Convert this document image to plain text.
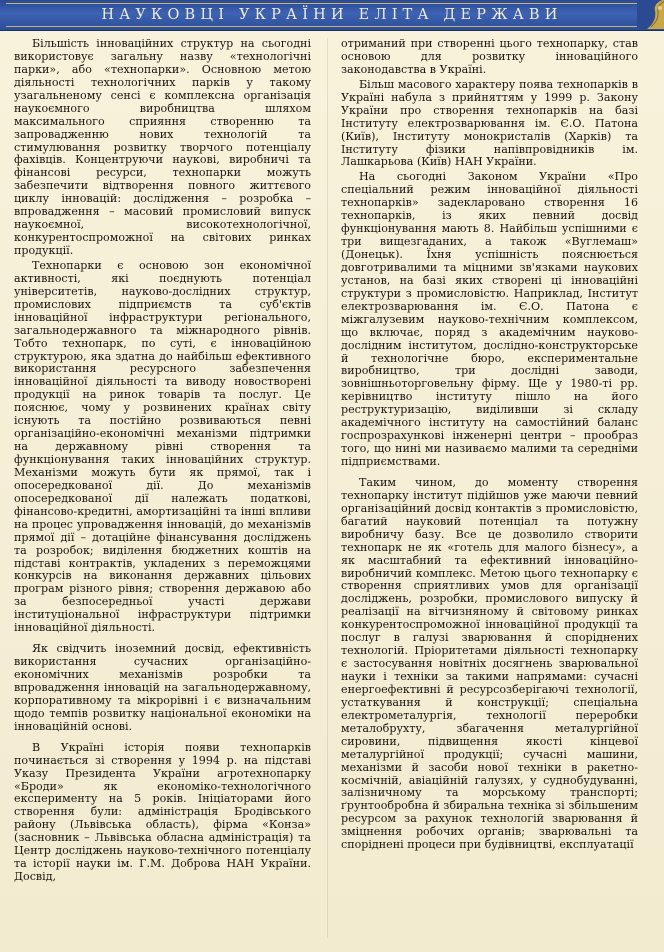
НАУКОВЦІ УКРАЇНИ ЕЛІТА ДЕРЖАВИ

Більшість інноваційних структур на сьогодні використовує загальну назву «технологічні парки», або «технопарки». Основною метою діяльності технологічних парків у такому узагальненому сенсі є комплексна організація наукоємного виробництва шляхом максимального сприяння створенню та запровадженню нових технологій та стимулювання розвитку творчого потенціалу фахівців. Концентруючи наукові, виробничі та фінансові ресурси, технопарки можуть забезпечити відтворення повного життєвого циклу інновацій: дослідження – розробка – впровадження – масовий промисловий випуск наукоємної, високотехнологічної, конкурентоспроможної на світових ринках продукції.

Технопарки є основою зон економічної активності, які поєднують потенціал університетів, науково-дослідних структур, промислових підприємств та суб'єктів інноваційної інфраструктури регіонального, загальнодержавного та міжнародного рівнів. Тобто технопарк, по суті, є інноваційною структурою, яка здатна до найбільш ефективного використання ресурсного забезпечення інноваційної діяльності та виводу новостворені продукції на ринок товарів та послуг. Це пояснює, чому у розвинених країнах світу існують та постійно розвиваються певні організаційно-економічні механізми підтримки на державному рівні створення та функціонування таких інноваційних структур. Механізми можуть бути як прямої, так і опосередкованої дії. До механізмів опосередкованої дії належать податкові, фінансово-кредитні, амортизаційні та інші впливи на процес упровадження інновацій, до механізмів прямої дії – дотаційне фінансування досліджень та розробок; виділення бюджетних коштів на підставі контрактів, укладених з переможцями конкурсів на виконання державних цільових програм різного рівня; створення державою або за безпосередньої участі держави інституціональної інфраструктури підтримки інноваційної діяльності.

Як свідчить іноземний досвід, ефективність використання сучасних організаційно-економічних механізмів розробки та впровадження інновацій на загальнодержавному, корпоративному та мікрорівні і є визначальним щодо темпів розвитку національної економіки на інноваційній основі.

В Україні історія появи технопарків починається зі створення у 1994 р. на підставі Указу Президента України агротехнопарку «Броди» як економіко-технологічного експерименту на 5 років. Ініціаторами його створення були: адміністрація Бродівського району (Львівська область), фірма «Конза» (засновник – Львівська обласна адміністрація) та Центр досліджень науково-технічного потенціалу та історії науки ім. Г.М. Доброва НАН України. Досвід,

отриманий при створенні цього технопарку, став основою для розвитку інноваційного законодавства в Україні.

Більш масового характеру поява технопарків в Україні набула з прийняттям у 1999 р. Закону України про створення технопарків на базі Інституту електрозварювання ім. Є.О. Патона (Київ), Інституту монокристалів (Харків) та Інституту фізики напівпровідників ім. Лашкарьова (Київ) НАН України.

На сьогодні Законом України «Про спеціальний режим інноваційної діяльності технопарків» задекларовано створення 16 технопарків, із яких певний досвід функціонування мають 8. Найбільш успішними є три вищезгаданих, а також «Вуглемаш» (Донецьк). Їхня успішність пояснюється довготривалими та міцними зв'язками наукових установ, на базі яких створені ці інноваційні структури з промисловістю. Наприклад, Інститут електрозварювання ім. Є.О. Патона є міжгалузевим науково-технічним комплексом, що включає, поряд з академічним науково-дослідним інститутом, дослідно-конструкторське й технологічне бюро, експериментальне виробництво, три дослідні заводи, зовнішньоторговельну фірму. Ще у 1980-ті рр. керівництво інституту пішло на його реструктуризацію, виділивши зі складу академічного інституту на самостійний баланс госпрозрахункові інженерні центри – прообраз того, що нині ми називаємо малими та середніми підприємствами.

Таким чином, до моменту створення технопарку інститут підійшов уже маючи певний організаційний досвід контактів з промисловістю, багатий науковий потенціал та потужну виробничу базу. Все це дозволило створити технопарк не як «готель для малого бізнесу», а як масштабний та ефективний інноваційно-виробничий комплекс. Метою цього технопарку є створення сприятливих умов для організації досліджень, розробки, промислового випуску й реалізації на вітчизняному й світовому ринках конкурентоспроможної інноваційної продукції та послуг в галузі зварювання й споріднених технологій. Пріоритетами діяльності технопарку є застосування новітніх досягнень зварювальної науки і техніки за такими напрямами: сучасні енергоефективні й ресурсозберігаючі технології, устаткування й конструкції; спеціальна електрометалургія, технології переробки металобрухту, збагачення металургійної сировини, підвищення якості кінцевої металургійної продукції; сучасні машини, механізми й засоби нової техніки в ракетно-космічній, авіаційній галузях, у суднобудуванні, залізничному та морському транспорті; ґрунтообробна й збиральна техніка зі збільшеним ресурсом за рахунок технологій зварювання й зміцнення робочих органів; зварювальні та споріднені процеси при будівництві, експлуатації
